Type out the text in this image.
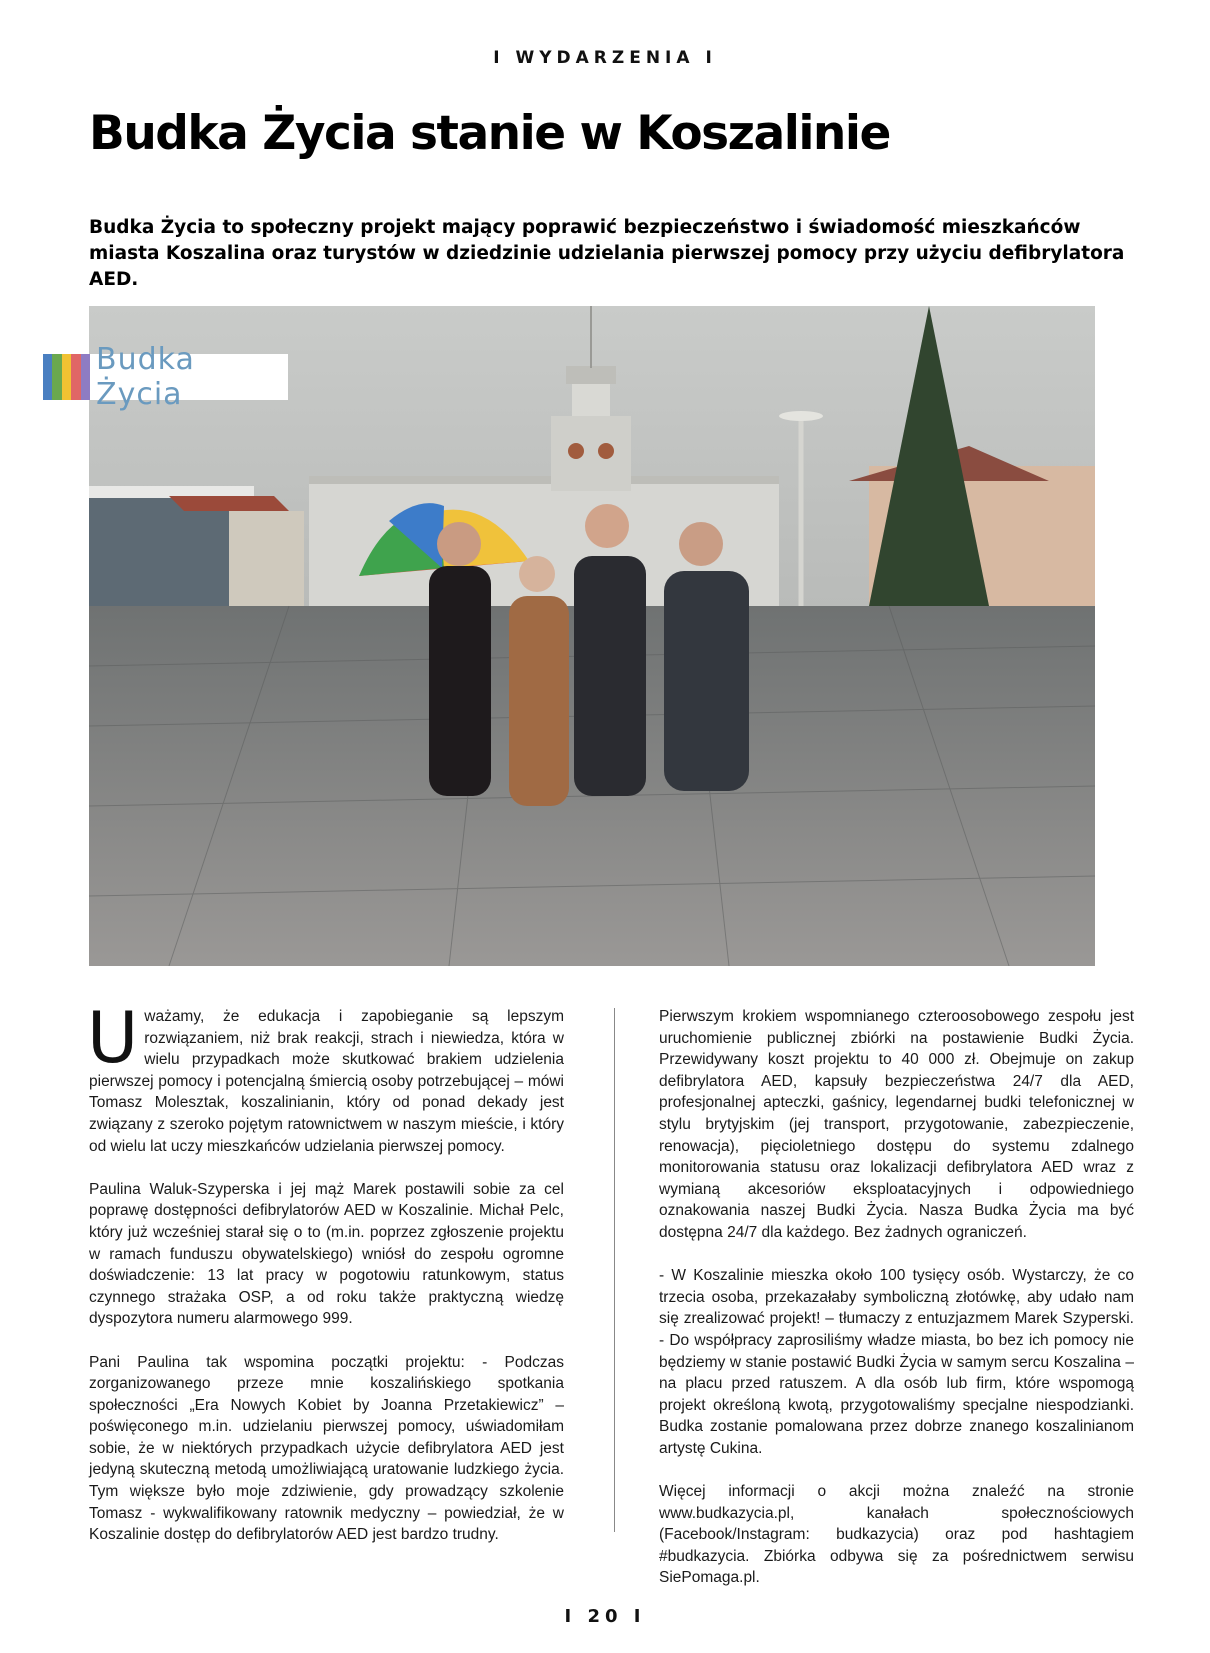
I WYDARZENIA I
Budka Życia stanie w Koszalinie

Budka Życia to społeczny projekt mający poprawić bezpieczeństwo i świadomość mieszkańców miasta Koszalina oraz turystów w dziedzinie udzielania pierwszej pomocy przy użyciu defibrylatora AED.

Budka Życia

Uważamy, że edukacja i zapobieganie są lepszym rozwiązaniem, niż brak reakcji, strach i niewiedza, która w wielu przypadkach może skutkować brakiem udzielenia pierwszej pomocy i potencjalną śmiercią osoby potrzebującej – mówi Tomasz Molesztak, koszalinianin, który od ponad dekady jest związany z szeroko pojętym ratownictwem w naszym mieście, i który od wielu lat uczy mieszkańców udzielania pierwszej pomocy.

Paulina Waluk-Szyperska i jej mąż Marek postawili sobie za cel poprawę dostępności defibrylatorów AED w Koszalinie. Michał Pelc, który już wcześniej starał się o to (m.in. poprzez zgłoszenie projektu w ramach funduszu obywatelskiego) wniósł do zespołu ogromne doświadczenie: 13 lat pracy w pogotowiu ratunkowym, status czynnego strażaka OSP, a od roku także praktyczną wiedzę dyspozytora numeru alarmowego 999.

Pani Paulina tak wspomina początki projektu: - Podczas zorganizowanego przeze mnie koszalińskiego spotkania społeczności „Era Nowych Kobiet by Joanna Przetakiewicz” – poświęconego m.in. udzielaniu pierwszej pomocy, uświadomiłam sobie, że w niektórych przypadkach użycie defibrylatora AED jest jedyną skuteczną metodą umożliwiającą uratowanie ludzkiego życia. Tym większe było moje zdziwienie, gdy prowadzący szkolenie Tomasz - wykwalifikowany ratownik medyczny – powiedział, że w Koszalinie dostęp do defibrylatorów AED jest bardzo trudny.

Pierwszym krokiem wspomnianego czteroosobowego zespołu jest uruchomienie publicznej zbiórki na postawienie Budki Życia. Przewidywany koszt projektu to 40 000 zł. Obejmuje on zakup defibrylatora AED, kapsuły bezpieczeństwa 24/7 dla AED, profesjonalnej apteczki, gaśnicy, legendarnej budki telefonicznej w stylu brytyjskim (jej transport, przygotowanie, zabezpieczenie, renowacja), pięcioletniego dostępu do systemu zdalnego monitorowania statusu oraz lokalizacji defibrylatora AED wraz z wymianą akcesoriów eksploatacyjnych i odpowiedniego oznakowania naszej Budki Życia. Nasza Budka Życia ma być dostępna 24/7 dla każdego. Bez żadnych ograniczeń.

- W Koszalinie mieszka około 100 tysięcy osób. Wystarczy, że co trzecia osoba, przekazałaby symboliczną złotówkę, aby udało nam się zrealizować projekt! – tłumaczy z entuzjazmem Marek Szyperski. - Do współpracy zaprosiliśmy władze miasta, bo bez ich pomocy nie będziemy w stanie postawić Budki Życia w samym sercu Koszalina – na placu przed ratuszem. A dla osób lub firm, które wspomogą projekt określoną kwotą, przygotowaliśmy specjalne niespodzianki. Budka zostanie pomalowana przez dobrze znanego koszalinianom artystę Cukina.

Więcej informacji o akcji można znaleźć na stronie www.budkazycia.pl, kanałach społecznościowych (Facebook/Instagram: budkazycia) oraz pod hashtagiem #budkazycia. Zbiórka odbywa się za pośrednictwem serwisu SiePomaga.pl.

I 20 I
